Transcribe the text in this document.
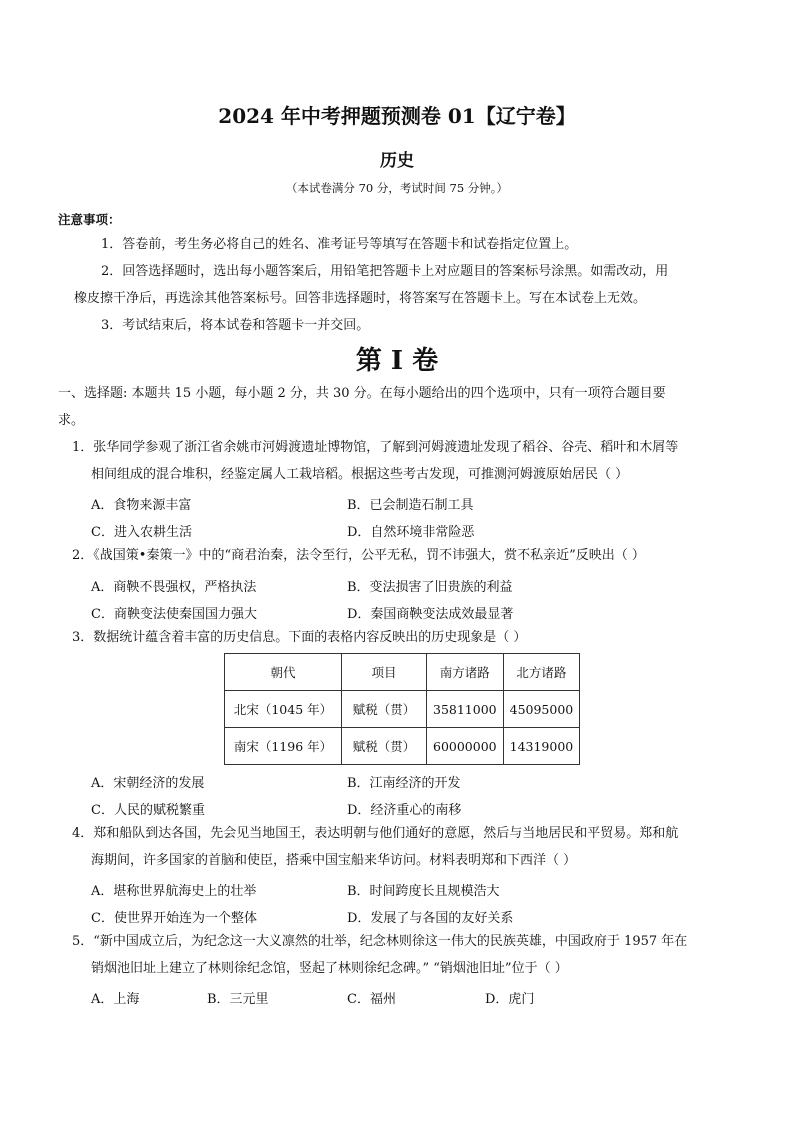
2024 年中考押题预测卷 01【辽宁卷】
历史
（本试卷满分 70 分，考试时间 75 分钟。）
注意事项：
1．答卷前，考生务必将自己的姓名、准考证号等填写在答题卡和试卷指定位置上。
2．回答选择题时，选出每小题答案后，用铅笔把答题卡上对应题目的答案标号涂黑。如需改动，用
橡皮擦干净后，再选涂其他答案标号。回答非选择题时，将答案写在答题卡上。写在本试卷上无效。
3．考试结束后，将本试卷和答题卡一并交回。
第 I 卷
一、选择题: 本题共 15 小题，每小题 2 分，共 30 分。在每小题给出的四个选项中，只有一项符合题目要
求。
1．张华同学参观了浙江省余姚市河姆渡遗址博物馆，了解到河姆渡遗址发现了稻谷、谷壳、稻叶和木屑等
相间组成的混合堆积，经鉴定属人工栽培稻。根据这些考古发现，可推测河姆渡原始居民（ ）
A．食物来源丰富	B．已会制造石制工具
C．进入农耕生活	D．自然环境非常险恶
2．《战国策•秦策一》中的“商君治秦，法令至行，公平无私，罚不讳强大，赏不私亲近”反映出（ ）
A．商鞅不畏强权，严格执法	B．变法损害了旧贵族的利益
C．商鞅变法使秦国国力强大	D．秦国商鞅变法成效最显著
3．数据统计蕴含着丰富的历史信息。下面的表格内容反映出的历史现象是（ ）
朝代	项目	南方诸路	北方诸路
北宋（1045 年）	赋税（贯）	35811000	45095000
南宋（1196 年）	赋税（贯）	60000000	14319000
A．宋朝经济的发展	B．江南经济的开发
C．人民的赋税繁重	D．经济重心的南移
4．郑和船队到达各国，先会见当地国王，表达明朝与他们通好的意愿，然后与当地居民和平贸易。郑和航
海期间，许多国家的首脑和使臣，搭乘中国宝船来华访问。材料表明郑和下西洋（ ）
A．堪称世界航海史上的壮举	B．时间跨度长且规模浩大
C．使世界开始连为一个整体	D．发展了与各国的友好关系
5．“新中国成立后，为纪念这一大义凛然的壮举，纪念林则徐这一伟大的民族英雄，中国政府于 1957 年在
销烟池旧址上建立了林则徐纪念馆，竖起了林则徐纪念碑。” “销烟池旧址”位于（ ）
A．上海	B．三元里	C．福州	D．虎门
